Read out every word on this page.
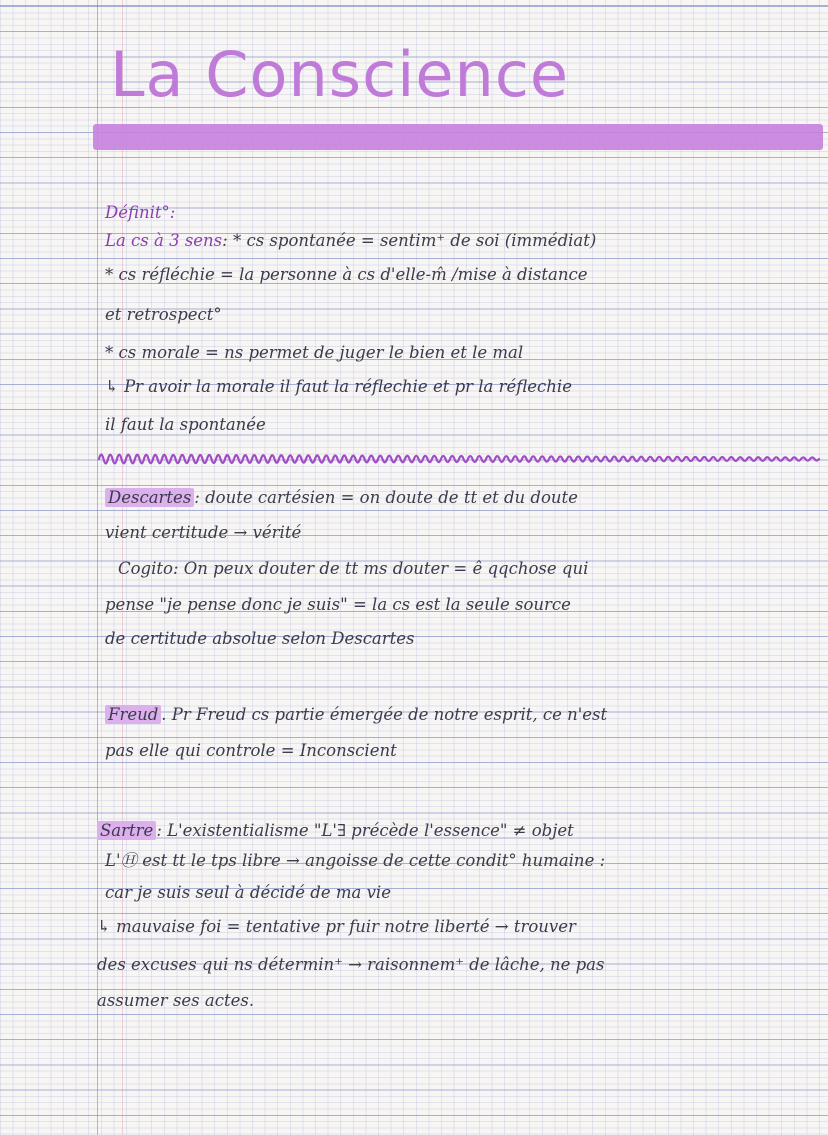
La Conscience

Définit°:

La cs à 3 sens: * cs spontanée = sentim⁺ de soi (immédiat)

* cs réfléchie = la personne à cs d'elle-m̂ /mise à distance

et retrospect°

* cs morale = ns permet de juger le bien et le mal

↳ Pr avoir la morale il faut la réflechie et pr la réflechie

il faut la spontanée

Descartes : doute cartésien = on doute de tt et du doute

vient certitude → vérité

Cogito: On peux douter de tt ms douter = ê qqchose qui

pense "je pense donc je suis" = la cs est la seule source

de certitude absolue selon Descartes

Freud . Pr Freud cs partie émergée de notre esprit, ce n'est

pas elle qui controle = Inconscient

Sartre : L'existentialisme "L'∃ précède l'essence" ≠ objet

L'Ⓗ est tt le tps libre → angoisse de cette condit° humaine :

car je suis seul à décidé de ma vie

↳ mauvaise foi = tentative pr fuir notre liberté → trouver

des excuses qui ns détermin⁺ → raisonnem⁺ de lâche, ne pas

assumer ses actes.
